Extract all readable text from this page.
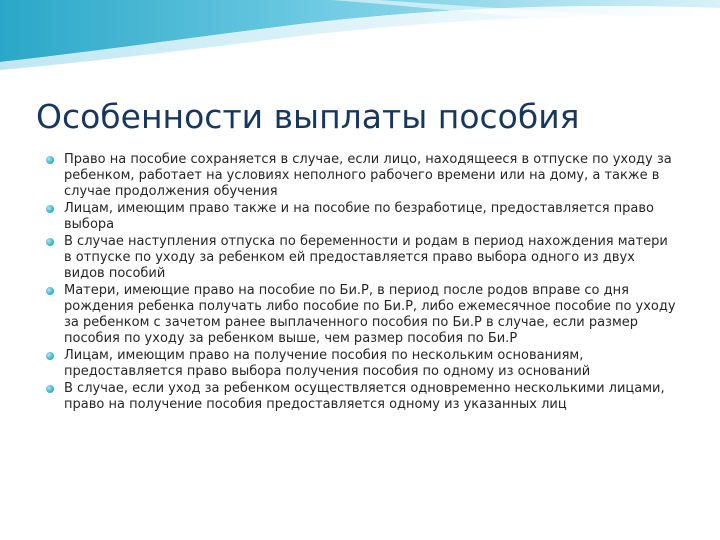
Особенности выплаты пособия
Право на пособие сохраняется в случае, если лицо, находящееся в отпуске по уходу за ребенком, работает на условиях неполного рабочего времени или на дому, а также в случае продолжения обучения
Лицам, имеющим право также и на пособие по безработице, предоставляется право выбора
В случае наступления отпуска по беременности и родам в период нахождения матери в отпуске по уходу за ребенком ей предоставляется право выбора одного из двух видов пособий
Матери, имеющие право на пособие по Би.Р, в период после родов вправе со дня рождения ребенка получать либо пособие по Би.Р, либо ежемесячное пособие по уходу за ребенком с зачетом ранее выплаченного пособия по Би.Р в случае, если размер пособия по уходу за ребенком выше, чем размер пособия по Би.Р
Лицам, имеющим право на получение пособия по нескольким основаниям, предоставляется право выбора получения пособия по одному из оснований
В случае, если уход за ребенком осуществляется одновременно несколькими лицами, право на получение пособия предоставляется одному из указанных лиц
